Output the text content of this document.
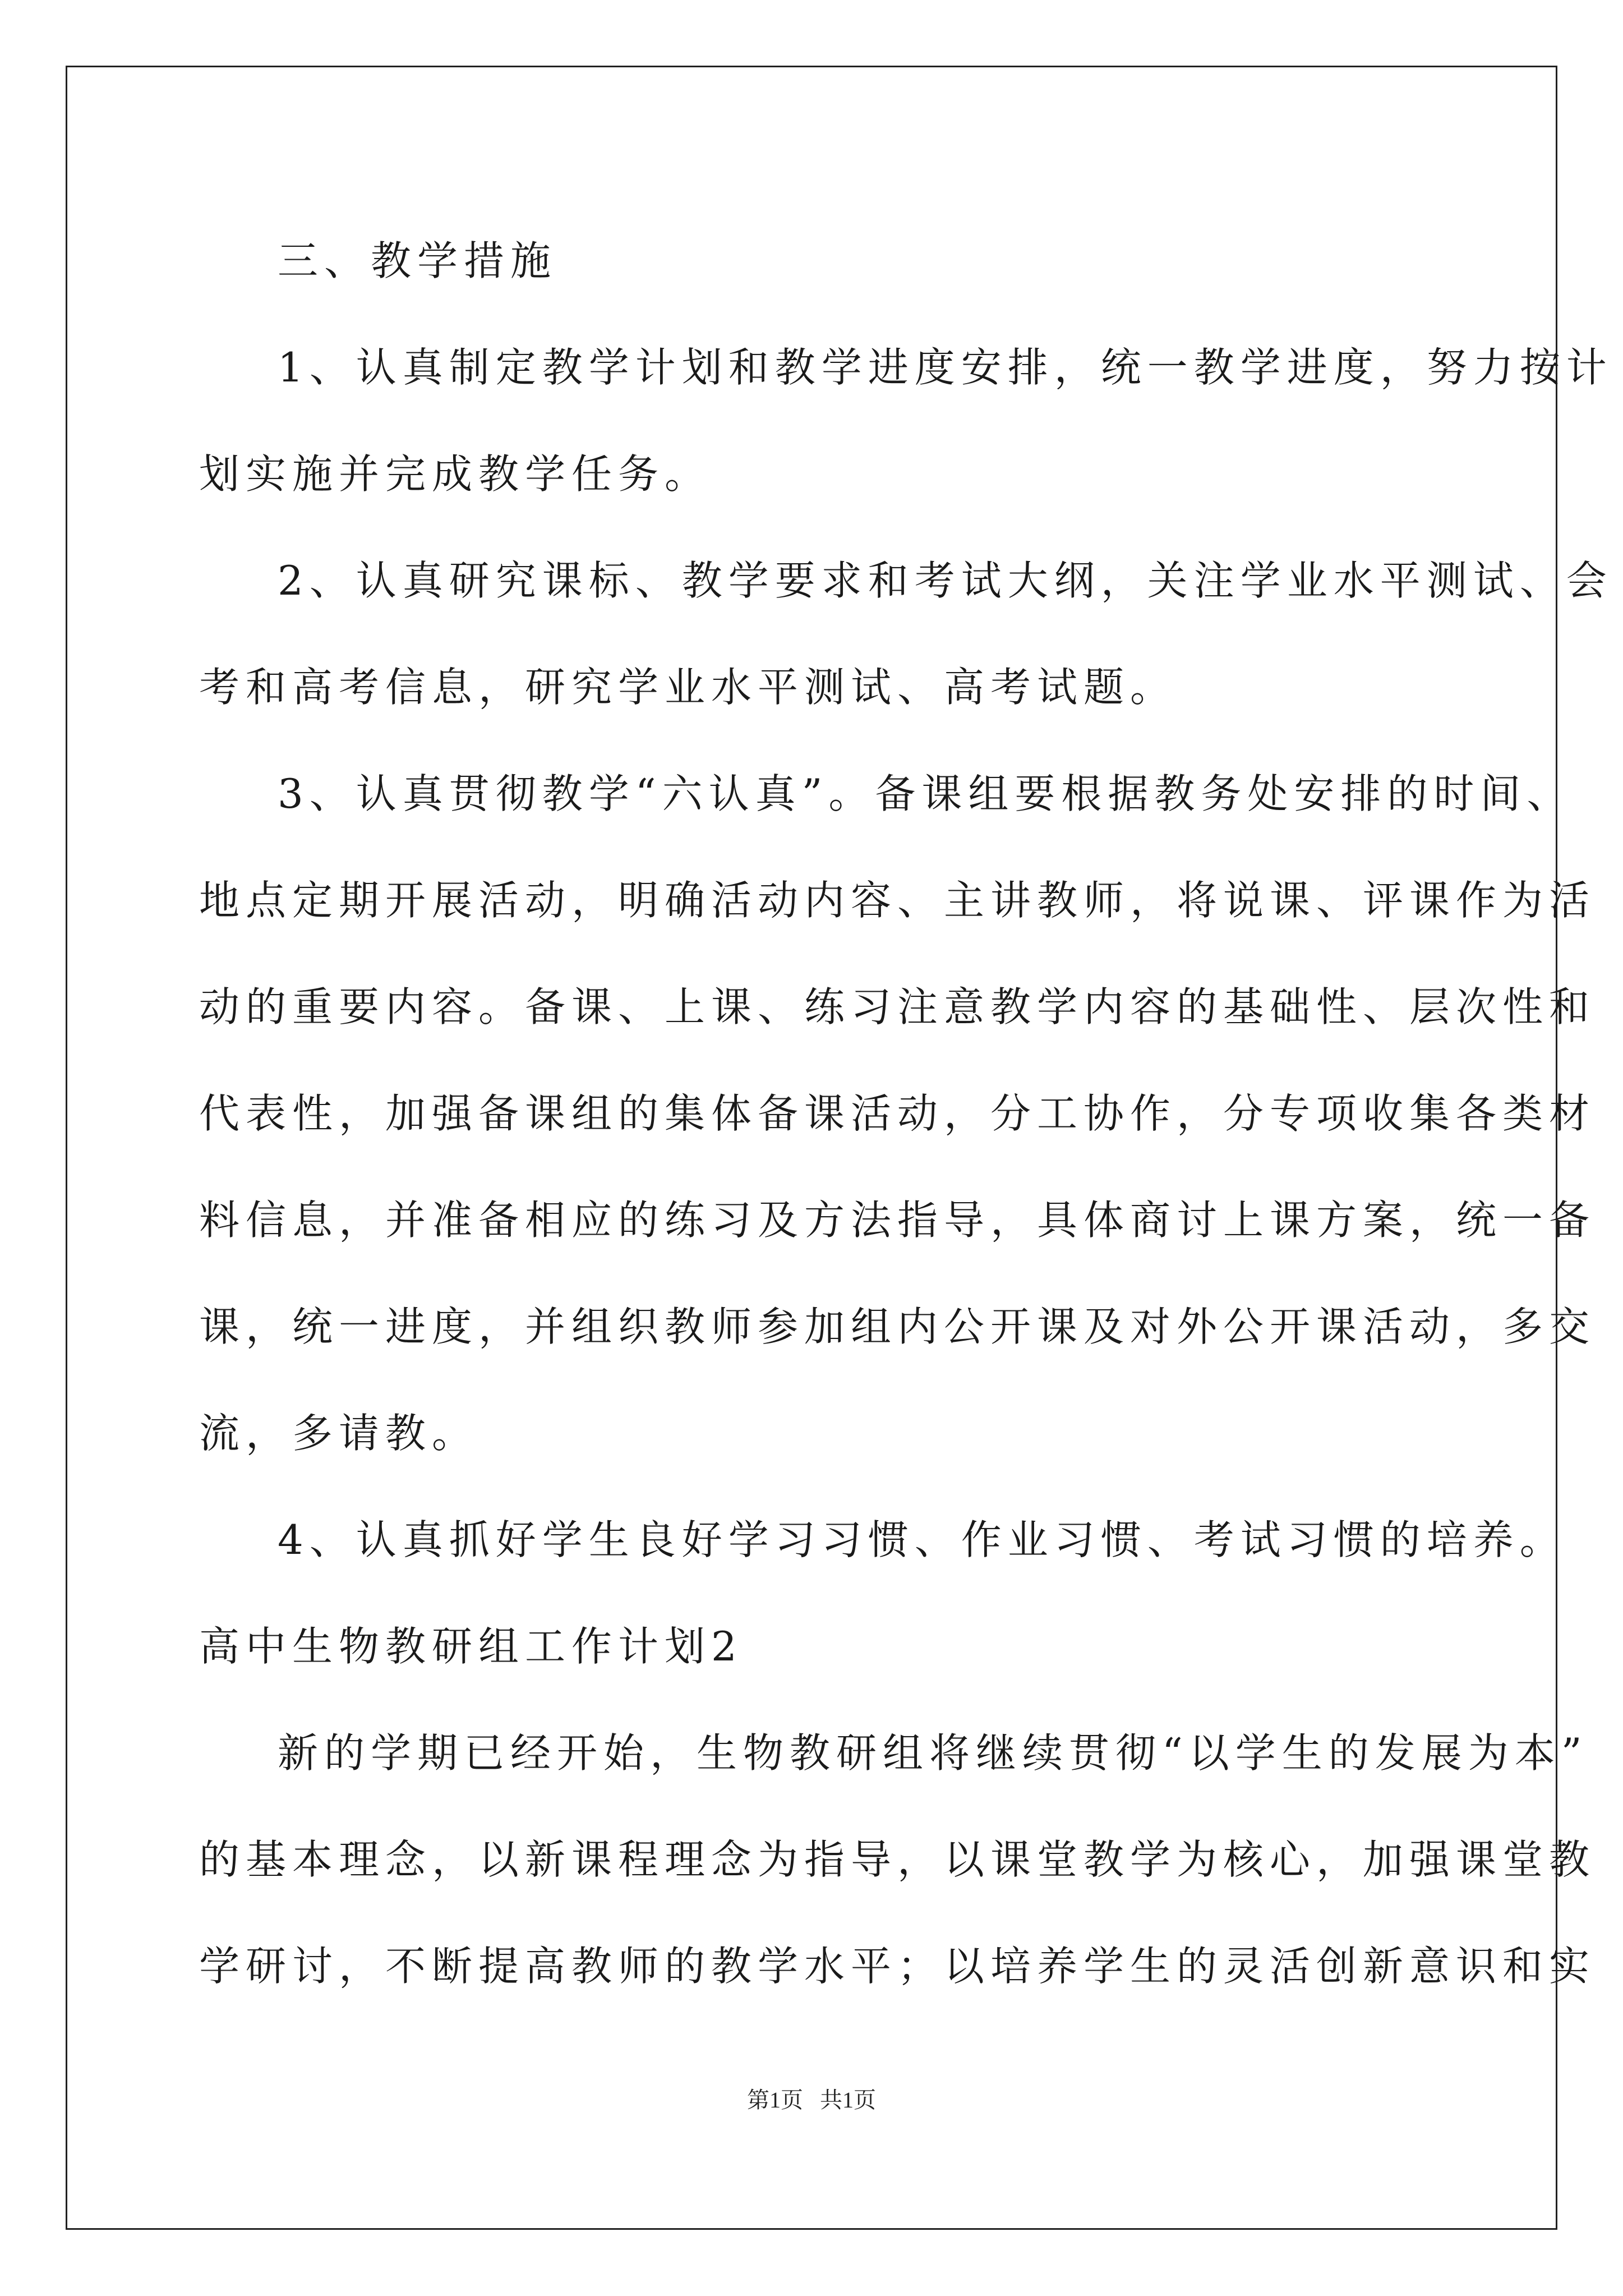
三、教学措施
1、认真制定教学计划和教学进度安排，统一教学进度，努力按计
划实施并完成教学任务。
2、认真研究课标、教学要求和考试大纲，关注学业水平测试、会
考和高考信息，研究学业水平测试、高考试题。
3、认真贯彻教学“六认真”。备课组要根据教务处安排的时间、
地点定期开展活动，明确活动内容、主讲教师，将说课、评课作为活
动的重要内容。备课、上课、练习注意教学内容的基础性、层次性和
代表性，加强备课组的集体备课活动，分工协作，分专项收集各类材
料信息，并准备相应的练习及方法指导，具体商讨上课方案，统一备
课，统一进度，并组织教师参加组内公开课及对外公开课活动，多交
流，多请教。
4、认真抓好学生良好学习习惯、作业习惯、考试习惯的培养。
高中生物教研组工作计划2
新的学期已经开始，生物教研组将继续贯彻“以学生的发展为本”
的基本理念，以新课程理念为指导，以课堂教学为核心，加强课堂教
学研讨，不断提高教师的教学水平；以培养学生的灵活创新意识和实
第1页   共1页
